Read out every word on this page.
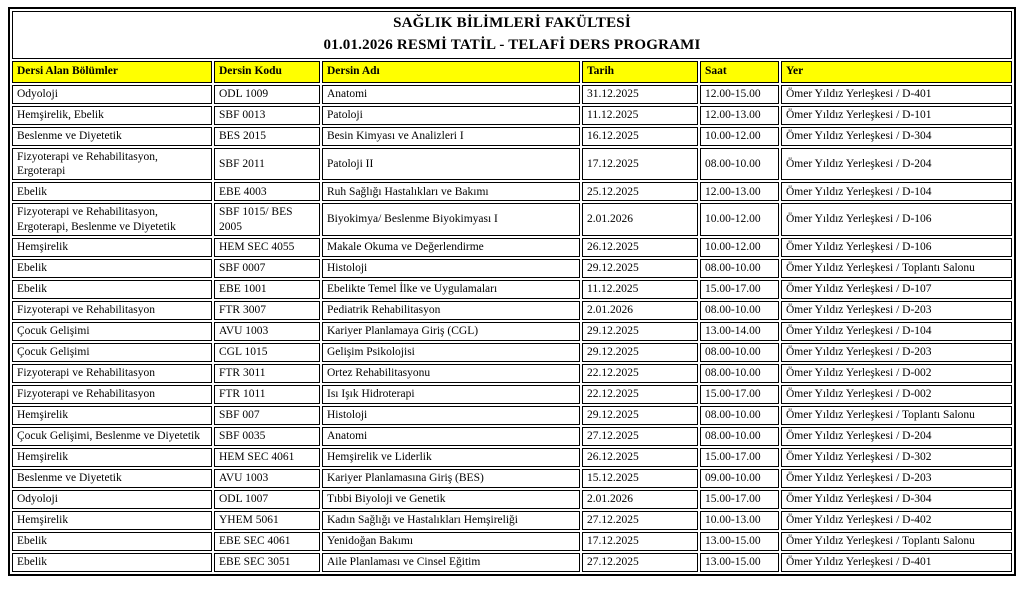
SAĞLIK BİLİMLERİ FAKÜLTESİ
01.01.2026 RESMİ TATİL - TELAFİ DERS PROGRAMI					

Dersi Alan Bölümler	Dersin Kodu	Dersin Adı	Tarih	Saat	Yer
Odyoloji	ODL 1009	Anatomi	31.12.2025	12.00-15.00	Ömer Yıldız Yerleşkesi / D-401
Hemşirelik, Ebelik	SBF 0013	Patoloji	11.12.2025	12.00-13.00	Ömer Yıldız Yerleşkesi / D-101
Beslenme ve Diyetetik	BES 2015	Besin Kimyası ve Analizleri I	16.12.2025	10.00-12.00	Ömer Yıldız Yerleşkesi / D-304
Fizyoterapi ve Rehabilitasyon, Ergoterapi	SBF 2011	Patoloji II	17.12.2025	08.00-10.00	Ömer Yıldız Yerleşkesi / D-204
Ebelik	EBE 4003	Ruh Sağlığı Hastalıkları ve Bakımı	25.12.2025	12.00-13.00	Ömer Yıldız Yerleşkesi / D-104
Fizyoterapi ve Rehabilitasyon, Ergoterapi, Beslenme ve Diyetetik	SBF 1015/ BES 2005	Biyokimya/ Beslenme Biyokimyası I	2.01.2026	10.00-12.00	Ömer Yıldız Yerleşkesi / D-106
Hemşirelik	HEM SEC 4055	Makale Okuma ve Değerlendirme	26.12.2025	10.00-12.00	Ömer Yıldız Yerleşkesi / D-106
Ebelik	SBF 0007	Histoloji	29.12.2025	08.00-10.00	Ömer Yıldız Yerleşkesi / Toplantı Salonu
Ebelik	EBE 1001	Ebelikte Temel İlke ve Uygulamaları	11.12.2025	15.00-17.00	Ömer Yıldız Yerleşkesi / D-107
Fizyoterapi ve Rehabilitasyon	FTR 3007	Pediatrik Rehabilitasyon	2.01.2026	08.00-10.00	Ömer Yıldız Yerleşkesi / D-203
Çocuk Gelişimi	AVU 1003	Kariyer Planlamaya Giriş (CGL)	29.12.2025	13.00-14.00	Ömer Yıldız Yerleşkesi / D-104
Çocuk Gelişimi	CGL 1015	Gelişim Psikolojisi	29.12.2025	08.00-10.00	Ömer Yıldız Yerleşkesi / D-203
Fizyoterapi ve Rehabilitasyon	FTR 3011	Ortez Rehabilitasyonu	22.12.2025	08.00-10.00	Ömer Yıldız Yerleşkesi / D-002
Fizyoterapi ve Rehabilitasyon	FTR 1011	Isı Işık Hidroterapi	22.12.2025	15.00-17.00	Ömer Yıldız Yerleşkesi / D-002
Hemşirelik	SBF 007	Histoloji	29.12.2025	08.00-10.00	Ömer Yıldız Yerleşkesi / Toplantı Salonu
Çocuk Gelişimi, Beslenme ve Diyetetik	SBF 0035	Anatomi	27.12.2025	08.00-10.00	Ömer Yıldız Yerleşkesi / D-204
Hemşirelik	HEM SEC 4061	Hemşirelik ve Liderlik	26.12.2025	15.00-17.00	Ömer Yıldız Yerleşkesi / D-302
Beslenme ve Diyetetik	AVU 1003	Kariyer Planlamasına Giriş (BES)	15.12.2025	09.00-10.00	Ömer Yıldız Yerleşkesi / D-203
Odyoloji	ODL 1007	Tıbbi Biyoloji ve Genetik	2.01.2026	15.00-17.00	Ömer Yıldız Yerleşkesi / D-304
Hemşirelik	YHEM 5061	Kadın Sağlığı ve Hastalıkları Hemşireliği	27.12.2025	10.00-13.00	Ömer Yıldız Yerleşkesi / D-402
Ebelik	EBE SEC 4061	Yenidoğan Bakımı	17.12.2025	13.00-15.00	Ömer Yıldız Yerleşkesi / Toplantı Salonu
Ebelik	EBE SEC 3051	Aile Planlaması ve Cinsel Eğitim	27.12.2025	13.00-15.00	Ömer Yıldız Yerleşkesi / D-401
